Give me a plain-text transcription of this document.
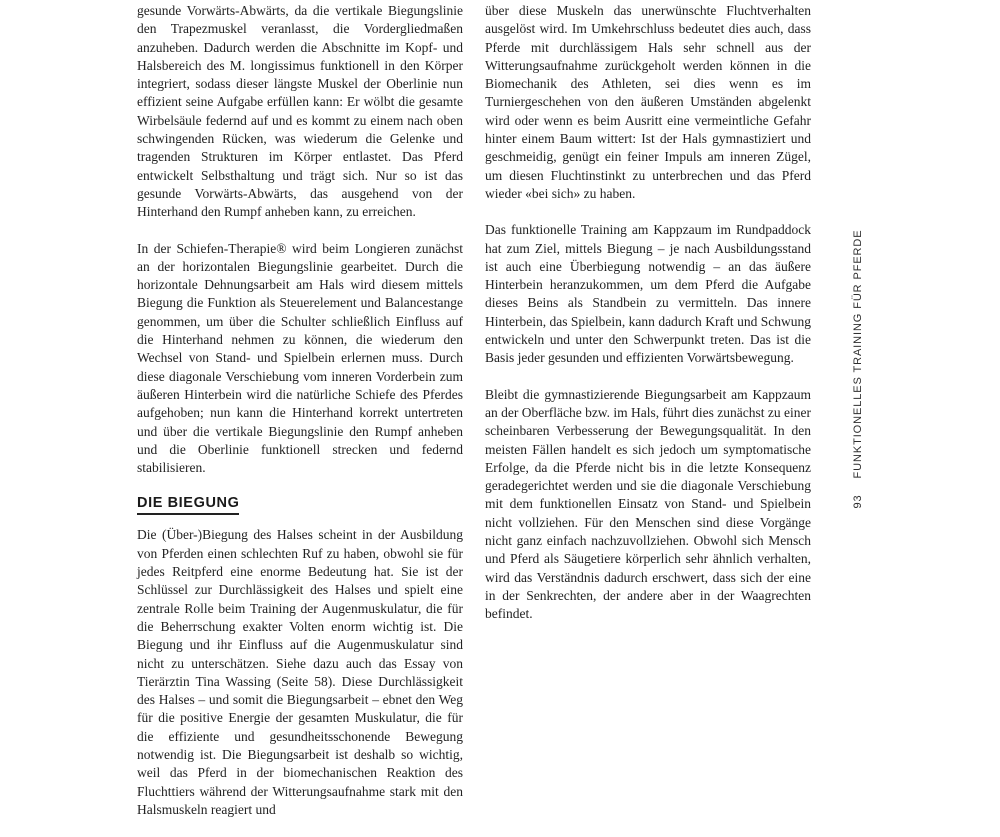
gesunde Vorwärts-Abwärts, da die vertikale Biegungslinie den Trapezmuskel veranlasst, die Vordergliedmaßen anzuheben. Dadurch werden die Abschnitte im Kopf- und Halsbereich des M. longissimus funktionell in den Körper integriert, sodass dieser längste Muskel der Oberlinie nun effizient seine Aufgabe erfüllen kann: Er wölbt die gesamte Wirbelsäule federnd auf und es kommt zu einem nach oben schwingenden Rücken, was wiederum die Gelenke und tragenden Strukturen im Körper entlastet. Das Pferd entwickelt Selbsthaltung und trägt sich. Nur so ist das gesunde Vorwärts-Abwärts, das ausgehend von der Hinterhand den Rumpf anheben kann, zu erreichen.

In der Schiefen-Therapie® wird beim Longieren zunächst an der horizontalen Biegungslinie gearbeitet. Durch die horizontale Dehnungsarbeit am Hals wird diesem mittels Biegung die Funktion als Steuerelement und Balancestange genommen, um über die Schulter schließlich Einfluss auf die Hinterhand nehmen zu können, die wiederum den Wechsel von Stand- und Spielbein erlernen muss. Durch diese diagonale Verschiebung vom inneren Vorderbein zum äußeren Hinterbein wird die natürliche Schiefe des Pferdes aufgehoben; nun kann die Hinterhand korrekt untertreten und über die vertikale Biegungslinie den Rumpf anheben und die Oberlinie funktionell strecken und federnd stabilisieren.

DIE BIEGUNG

Die (Über-)Biegung des Halses scheint in der Ausbildung von Pferden einen schlechten Ruf zu haben, obwohl sie für jedes Reitpferd eine enorme Bedeutung hat. Sie ist der Schlüssel zur Durchlässigkeit des Halses und spielt eine zentrale Rolle beim Training der Augenmuskulatur, die für die Beherrschung exakter Volten enorm wichtig ist. Die Biegung und ihr Einfluss auf die Augenmuskulatur sind nicht zu unterschätzen. Siehe dazu auch das Essay von Tierärztin Tina Wassing (Seite 58). Diese Durchlässigkeit des Halses – und somit die Biegungsarbeit – ebnet den Weg für die positive Energie der gesamten Muskulatur, die für die effiziente und gesundheitsschonende Bewegung notwendig ist. Die Biegungsarbeit ist deshalb so wichtig, weil das Pferd in der biomechanischen Reaktion des Fluchttiers während der Witterungsaufnahme stark mit den Halsmuskeln reagiert und

über diese Muskeln das unerwünschte Fluchtverhalten ausgelöst wird. Im Umkehrschluss bedeutet dies auch, dass Pferde mit durchlässigem Hals sehr schnell aus der Witterungsaufnahme zurückgeholt werden können in die Biomechanik des Athleten, sei dies wenn es im Turniergeschehen von den äußeren Umständen abgelenkt wird oder wenn es beim Ausritt eine vermeintliche Gefahr hinter einem Baum wittert: Ist der Hals gymnastiziert und geschmeidig, genügt ein feiner Impuls am inneren Zügel, um diesen Fluchtinstinkt zu unterbrechen und das Pferd wieder «bei sich» zu haben.

Das funktionelle Training am Kappzaum im Rundpaddock hat zum Ziel, mittels Biegung – je nach Ausbildungsstand ist auch eine Überbiegung notwendig – an das äußere Hinterbein heranzukommen, um dem Pferd die Aufgabe dieses Beins als Standbein zu vermitteln. Das innere Hinterbein, das Spielbein, kann dadurch Kraft und Schwung entwickeln und unter den Schwerpunkt treten. Das ist die Basis jeder gesunden und effizienten Vorwärtsbewegung.

Bleibt die gymnastizierende Biegungsarbeit am Kappzaum an der Oberfläche bzw. im Hals, führt dies zunächst zu einer scheinbaren Verbesserung der Bewegungsqualität. In den meisten Fällen handelt es sich jedoch um symptomatische Erfolge, da die Pferde nicht bis in die letzte Konsequenz geradegerichtet werden und sie die diagonale Verschiebung mit dem funktionellen Einsatz von Stand- und Spielbein nicht vollziehen. Für den Menschen sind diese Vorgänge nicht ganz einfach nachzuvollziehen. Obwohl sich Mensch und Pferd als Säugetiere körperlich sehr ähnlich verhalten, wird das Verständnis dadurch erschwert, dass sich der eine in der Senkrechten, der andere aber in der Waagrechten befindet.

93FUNKTIONELLES TRAINING FÜR PFERDE
